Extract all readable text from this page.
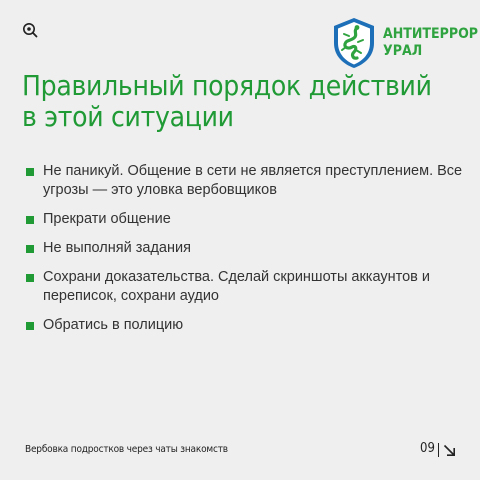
АНТИТЕРРОР
УРАЛ
Правильный порядок действий
в этой ситуации
Не паникуй. Общение в сети не является преступлением. Все угрозы — это уловка вербовщиков
Прекрати общение
Не выполняй задания
Сохрани доказательства. Сделай скриншоты аккаунтов и переписок, сохрани аудио
Обратись в полицию
Вербовка подростков через чаты знакомств	09
